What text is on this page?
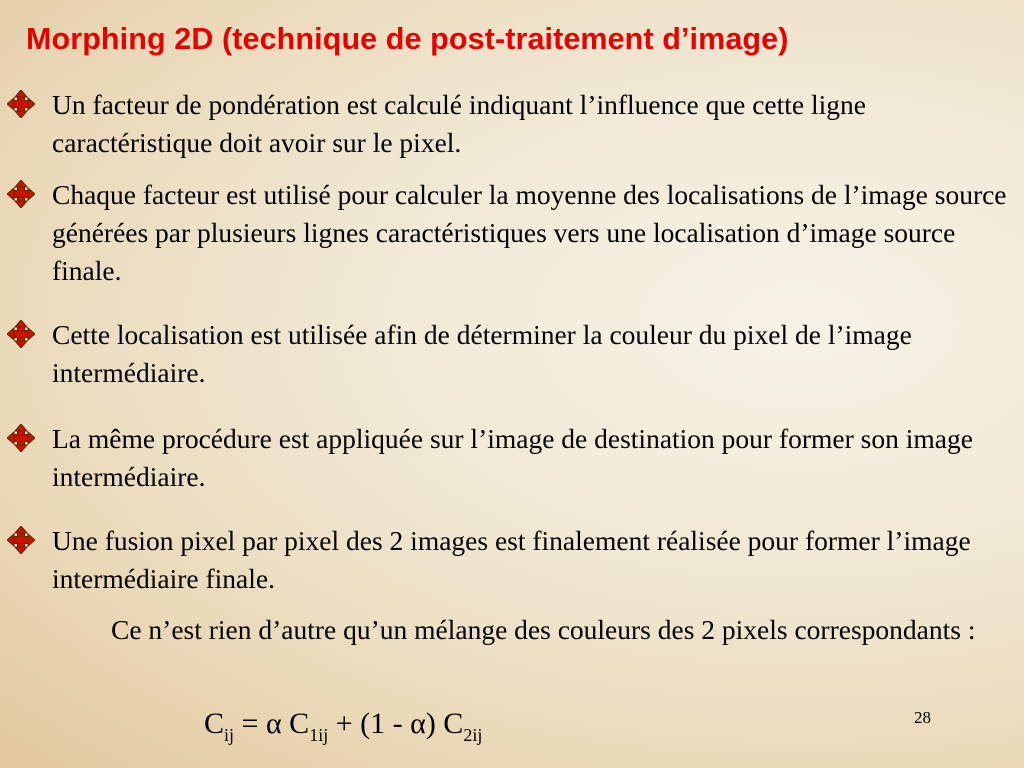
Morphing 2D (technique de post-traitement d’image)
Un facteur de pondération est calculé indiquant l’influence que cette ligne caractéristique doit avoir sur le pixel.
Chaque facteur est utilisé pour calculer la moyenne des localisations de l’image source générées par plusieurs lignes caractéristiques vers une localisation d’image source finale.
Cette localisation est utilisée afin de déterminer la couleur du pixel de l’image intermédiaire.
La même procédure est appliquée sur l’image de destination pour former son image intermédiaire.
Une fusion pixel par pixel des 2 images est finalement réalisée pour former l’image intermédiaire finale.
Ce n’est rien d’autre qu’un mélange des couleurs des 2 pixels correspondants :
$C_{ij} = \alpha$ $C_{1ij} + (1 - \alpha)$ $C_{2ij}$
28
